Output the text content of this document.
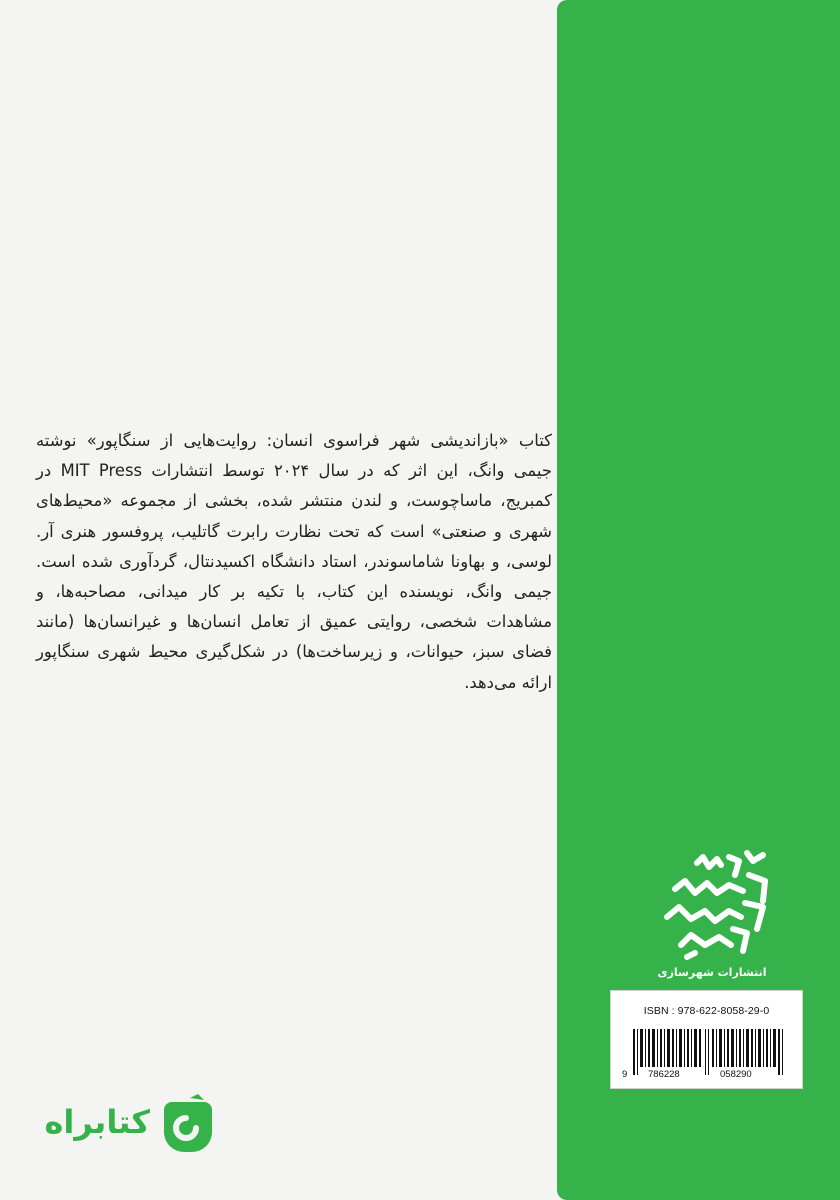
کتاب «بازاندیشی شهر فراسوی انسان: روایت‌هایی از سنگاپور» نوشته جیمی وانگ، این اثر که در سال ۲۰۲۴ توسط انتشارات MIT Press در کمبریج، ماساچوست، و لندن منتشر شده، بخشی از مجموعه «محیط‌های شهری و صنعتی» است که تحت نظارت رابرت گاتلیب، پروفسور هنری آر. لوسی، و بهاونا شاماسوندر، استاد دانشگاه اکسیدنتال، گردآوری شده است. جیمی وانگ، نویسنده این کتاب، با تکیه بر کار میدانی، مصاحبه‌ها، و مشاهدات شخصی، روایتی عمیق از تعامل انسان‌ها و غیرانسان‌ها (مانند فضای سبز، حیوانات، و زیرساخت‌ها) در شکل‌گیری محیط شهری سنگاپور ارائه می‌دهد.
انتشارات شهرسازی
ISBN : 978-622-8058-29-0
9 786228	058290
کتابراه
